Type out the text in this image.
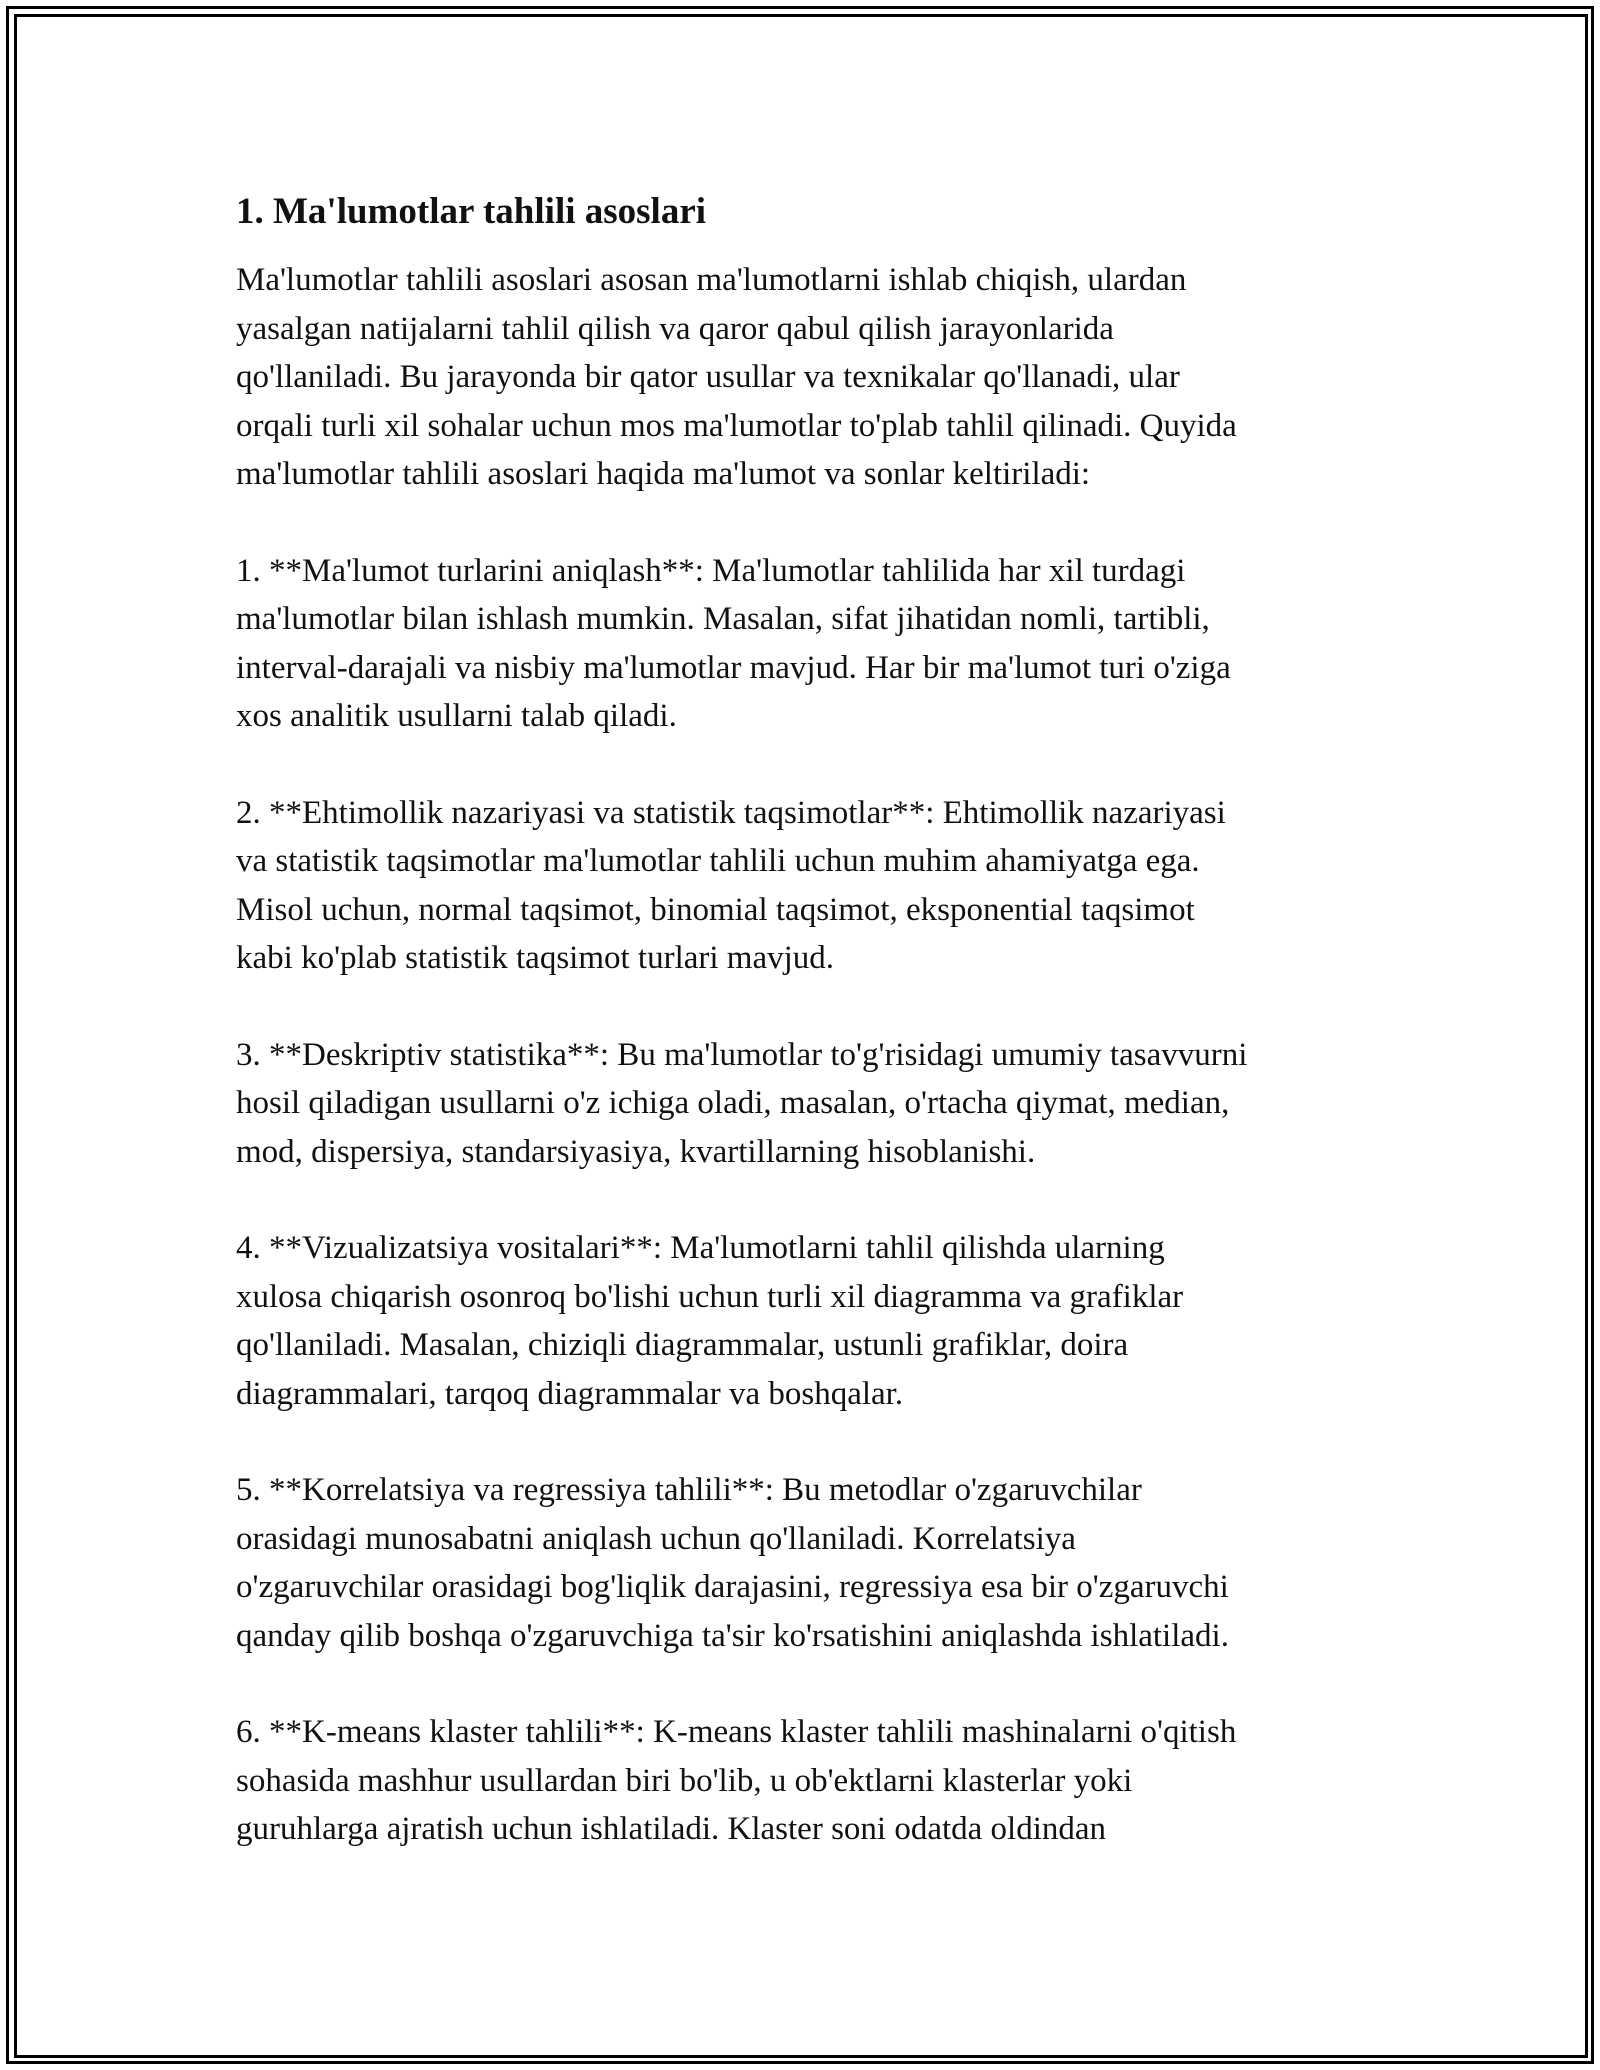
1. Ma'lumotlar tahlili asoslari
Ma'lumotlar tahlili asoslari asosan ma'lumotlarni ishlab chiqish, ulardan
yasalgan natijalarni tahlil qilish va qaror qabul qilish jarayonlarida
qo'llaniladi. Bu jarayonda bir qator usullar va texnikalar qo'llanadi, ular
orqali turli xil sohalar uchun mos ma'lumotlar to'plab tahlil qilinadi. Quyida
ma'lumotlar tahlili asoslari haqida ma'lumot va sonlar keltiriladi:
1. **Ma'lumot turlarini aniqlash**: Ma'lumotlar tahlilida har xil turdagi
ma'lumotlar bilan ishlash mumkin. Masalan, sifat jihatidan nomli, tartibli,
interval-darajali va nisbiy ma'lumotlar mavjud. Har bir ma'lumot turi o'ziga
xos analitik usullarni talab qiladi.
2. **Ehtimollik nazariyasi va statistik taqsimotlar**: Ehtimollik nazariyasi
va statistik taqsimotlar ma'lumotlar tahlili uchun muhim ahamiyatga ega.
Misol uchun, normal taqsimot, binomial taqsimot, eksponential taqsimot
kabi ko'plab statistik taqsimot turlari mavjud.
3. **Deskriptiv statistika**: Bu ma'lumotlar to'g'risidagi umumiy tasavvurni
hosil qiladigan usullarni o'z ichiga oladi, masalan, o'rtacha qiymat, median,
mod, dispersiya, standarsiyasiya, kvartillarning hisoblanishi.
4. **Vizualizatsiya vositalari**: Ma'lumotlarni tahlil qilishda ularning
xulosa chiqarish osonroq bo'lishi uchun turli xil diagramma va grafiklar
qo'llaniladi. Masalan, chiziqli diagrammalar, ustunli grafiklar, doira
diagrammalari, tarqoq diagrammalar va boshqalar.
5. **Korrelatsiya va regressiya tahlili**: Bu metodlar o'zgaruvchilar
orasidagi munosabatni aniqlash uchun qo'llaniladi. Korrelatsiya
o'zgaruvchilar orasidagi bog'liqlik darajasini, regressiya esa bir o'zgaruvchi
qanday qilib boshqa o'zgaruvchiga ta'sir ko'rsatishini aniqlashda ishlatiladi.
6. **K-means klaster tahlili**: K-means klaster tahlili mashinalarni o'qitish
sohasida mashhur usullardan biri bo'lib, u ob'ektlarni klasterlar yoki
guruhlarga ajratish uchun ishlatiladi. Klaster soni odatda oldindan
